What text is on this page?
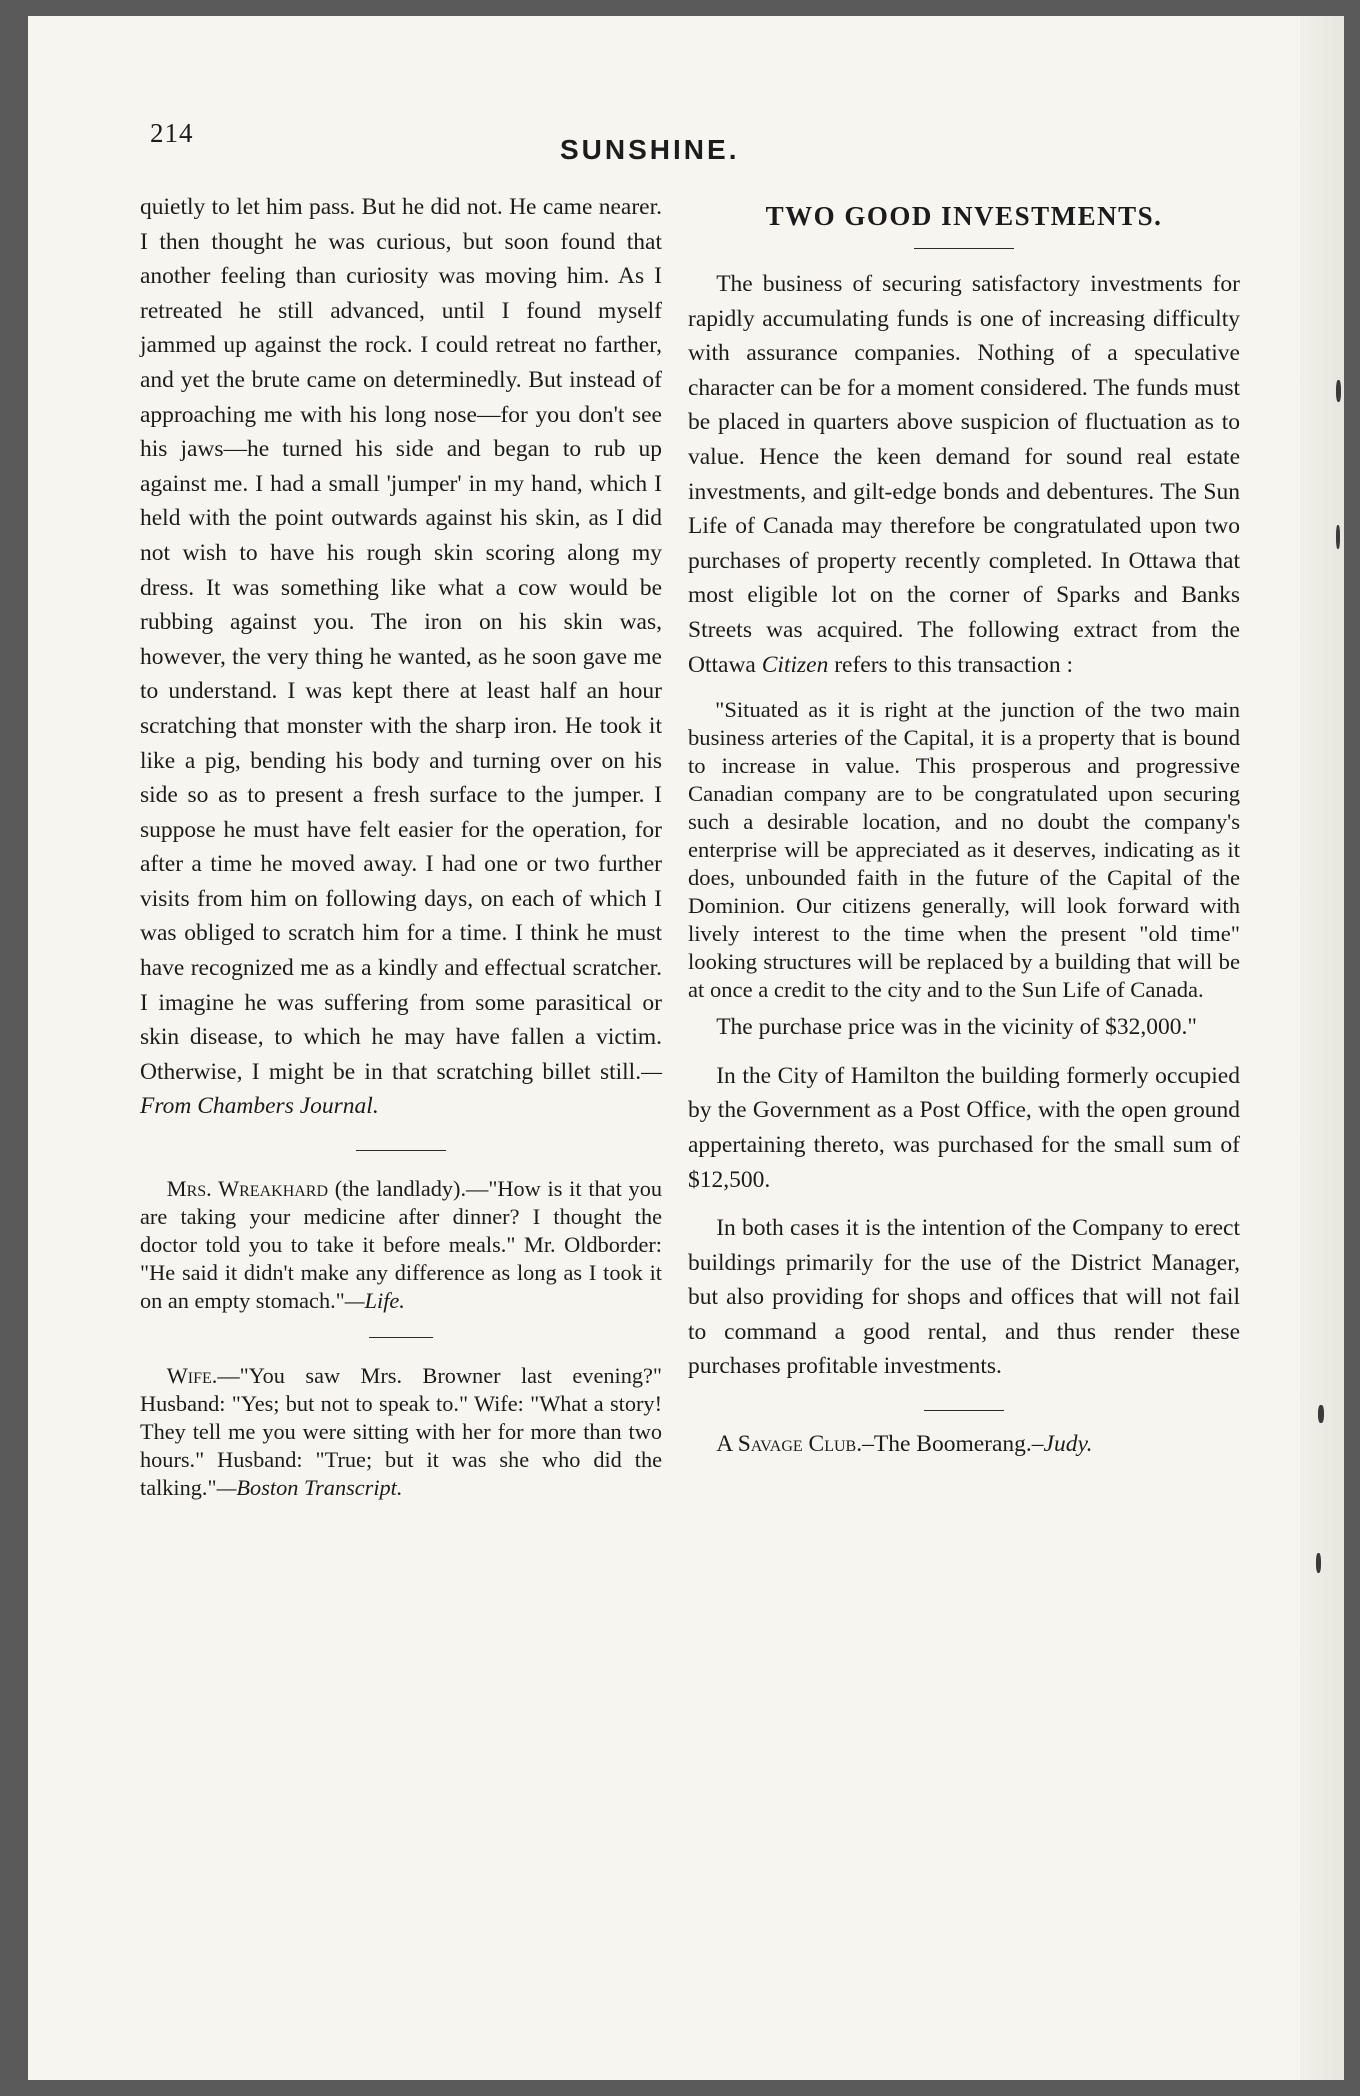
214
SUNSHINE.

quietly to let him pass. But he did not. He came nearer. I then thought he was curious, but soon found that another feeling than curiosity was moving him. As I retreated he still advanced, until I found myself jammed up against the rock. I could retreat no farther, and yet the brute came on determinedly. But instead of approaching me with his long nose—for you don't see his jaws—he turned his side and began to rub up against me. I had a small 'jumper' in my hand, which I held with the point outwards against his skin, as I did not wish to have his rough skin scoring along my dress. It was something like what a cow would be rubbing against you. The iron on his skin was, however, the very thing he wanted, as he soon gave me to understand. I was kept there at least half an hour scratching that monster with the sharp iron. He took it like a pig, bending his body and turning over on his side so as to present a fresh surface to the jumper. I suppose he must have felt easier for the operation, for after a time he moved away. I had one or two further visits from him on following days, on each of which I was obliged to scratch him for a time. I think he must have recognized me as a kindly and effectual scratcher. I imagine he was suffering from some parasitical or skin disease, to which he may have fallen a victim. Otherwise, I might be in that scratching billet still.—From Chambers Journal.

Mrs. Wreakhard (the landlady).—"How is it that you are taking your medicine after dinner? I thought the doctor told you to take it before meals." Mr. Oldborder: "He said it didn't make any difference as long as I took it on an empty stomach."—Life.

Wife.—"You saw Mrs. Browner last evening?" Husband: "Yes; but not to speak to." Wife: "What a story! They tell me you were sitting with her for more than two hours." Husband: "True; but it was she who did the talking."—Boston Transcript.

TWO GOOD INVESTMENTS.

The business of securing satisfactory investments for rapidly accumulating funds is one of increasing difficulty with assurance companies. Nothing of a speculative character can be for a moment considered. The funds must be placed in quarters above suspicion of fluctuation as to value. Hence the keen demand for sound real estate investments, and gilt-edge bonds and debentures. The Sun Life of Canada may therefore be congratulated upon two purchases of property recently completed. In Ottawa that most eligible lot on the corner of Sparks and Banks Streets was acquired. The following extract from the Ottawa Citizen refers to this transaction :

"Situated as it is right at the junction of the two main business arteries of the Capital, it is a property that is bound to increase in value. This prosperous and progressive Canadian company are to be congratulated upon securing such a desirable location, and no doubt the company's enterprise will be appreciated as it deserves, indicating as it does, unbounded faith in the future of the Capital of the Dominion. Our citizens generally, will look forward with lively interest to the time when the present "old time" looking structures will be replaced by a building that will be at once a credit to the city and to the Sun Life of Canada.

The purchase price was in the vicinity of $32,000."

In the City of Hamilton the building formerly occupied by the Government as a Post Office, with the open ground appertaining thereto, was purchased for the small sum of $12,500.

In both cases it is the intention of the Company to erect buildings primarily for the use of the District Manager, but also providing for shops and offices that will not fail to command a good rental, and thus render these purchases profitable investments.

A Savage Club.–The Boomerang.–Judy.
